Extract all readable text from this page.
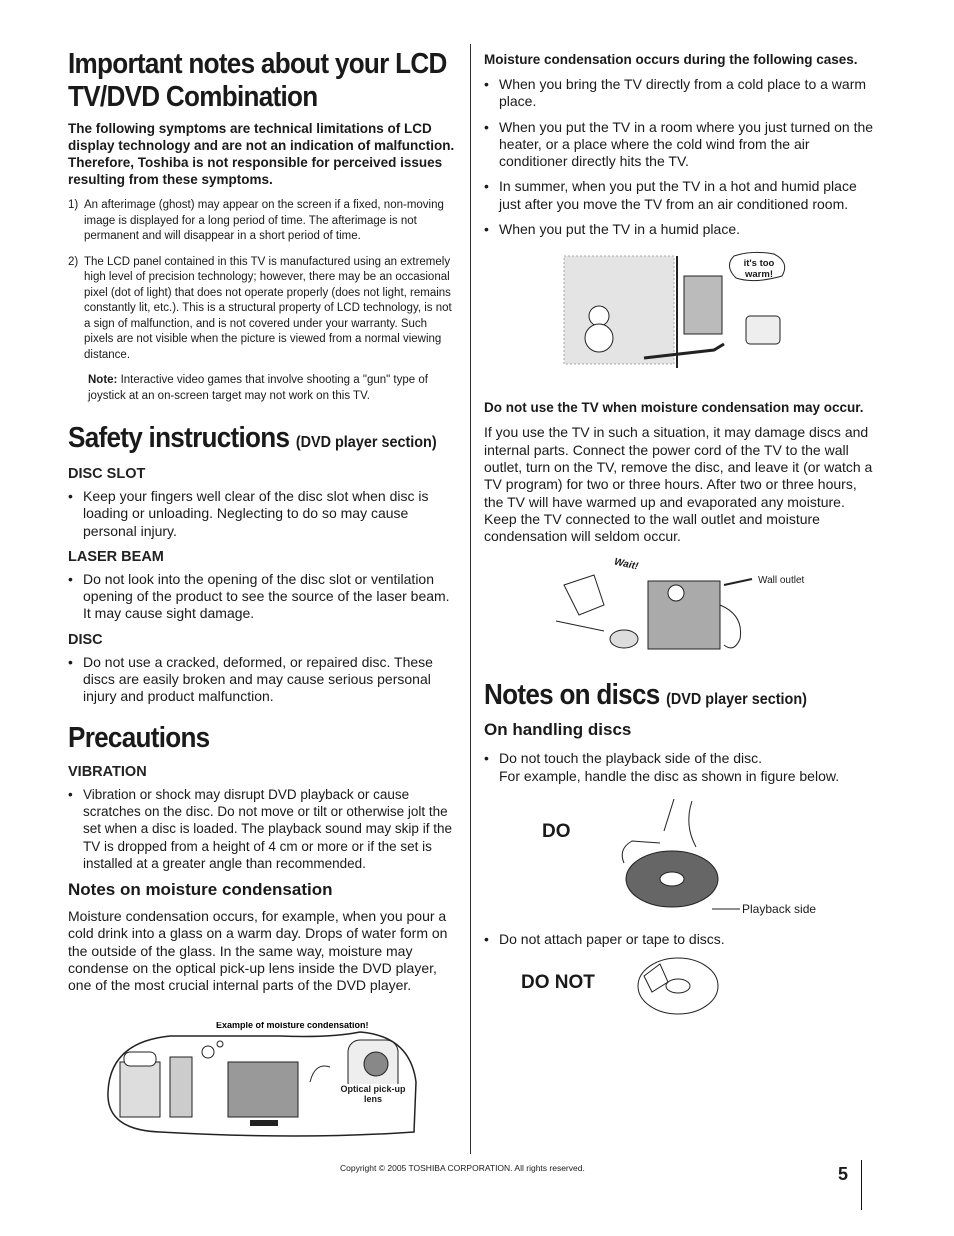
Important notes about your LCD
TV/DVD Combination

The following symptoms are technical limitations of LCD display technology and are not an indication of malfunction. Therefore, Toshiba is not responsible for perceived issues resulting from these symptoms.

1) An afterimage (ghost) may appear on the screen if a fixed, non-moving image is displayed for a long period of time. The afterimage is not permanent and will disappear in a short period of time.
2) The LCD panel contained in this TV is manufactured using an extremely high level of precision technology; however, there may be an occasional pixel (dot of light) that does not operate properly (does not light, remains constantly lit, etc.). This is a structural property of LCD technology, is not a sign of malfunction, and is not covered under your warranty. Such pixels are not visible when the picture is viewed from a normal viewing distance.

Note: Interactive video games that involve shooting a "gun" type of joystick at an on-screen target may not work on this TV.

Safety instructions (DVD player section)
DISC SLOT
• Keep your fingers well clear of the disc slot when disc is loading or unloading. Neglecting to do so may cause personal injury.
LASER BEAM
• Do not look into the opening of the disc slot or ventilation opening of the product to see the source of the laser beam. It may cause sight damage.
DISC
• Do not use a cracked, deformed, or repaired disc. These discs are easily broken and may cause serious personal injury and product malfunction.
Precautions
VIBRATION
• Vibration or shock may disrupt DVD playback or cause scratches on the disc. Do not move or tilt or otherwise jolt the set when a disc is loaded. The playback sound may skip if the TV is dropped from a height of 4 cm or more or if the set is installed at a greater angle than recommended.
Notes on moisture condensation

Moisture condensation occurs, for example, when you pour a cold drink into a glass on a warm day. Drops of water form on the outside of the glass. In the same way, moisture may condense on the optical pick-up lens inside the DVD player, one of the most crucial internal parts of the DVD player.

Example of moisture condensation!
Optical pick-up lens
Moisture condensation occurs during the following cases.
• When you bring the TV directly from a cold place to a warm place.
• When you put the TV in a room where you just turned on the heater, or a place where the cold wind from the air conditioner directly hits the TV.
• In summer, when you put the TV in a hot and humid place just after you move the TV from an air conditioned room.
• When you put the TV in a humid place.
it's too warm!
Do not use the TV when moisture condensation may occur.

If you use the TV in such a situation, it may damage discs and internal parts. Connect the power cord of the TV to the wall outlet, turn on the TV, remove the disc, and leave it (or watch a TV program) for two or three hours. After two or three hours, the TV will have warmed up and evaporated any moisture. Keep the TV connected to the wall outlet and moisture condensation will seldom occur.

Wait!
Wall outlet
Notes on discs (DVD player section)
On handling discs
• Do not touch the playback side of the disc.

For example, handle the disc as shown in figure below.

DO
Playback side
• Do not attach paper or tape to discs.
DO NOT
Copyright © 2005 TOSHIBA CORPORATION. All rights reserved.	5
